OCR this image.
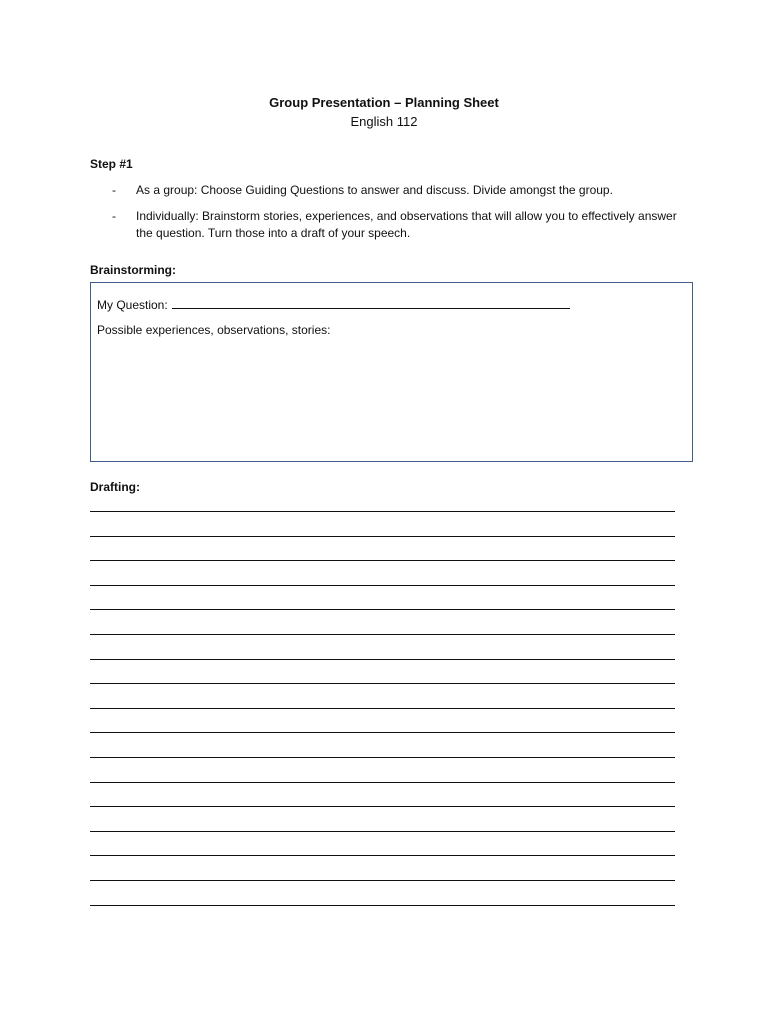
Group Presentation – Planning Sheet
English 112
Step #1
- As a group: Choose Guiding Questions to answer and discuss. Divide amongst the group.
- Individually: Brainstorm stories, experiences, and observations that will allow you to effectively answer the question. Turn those into a draft of your speech.
Brainstorming:
My Question:
Possible experiences, observations, stories:
Drafting:
